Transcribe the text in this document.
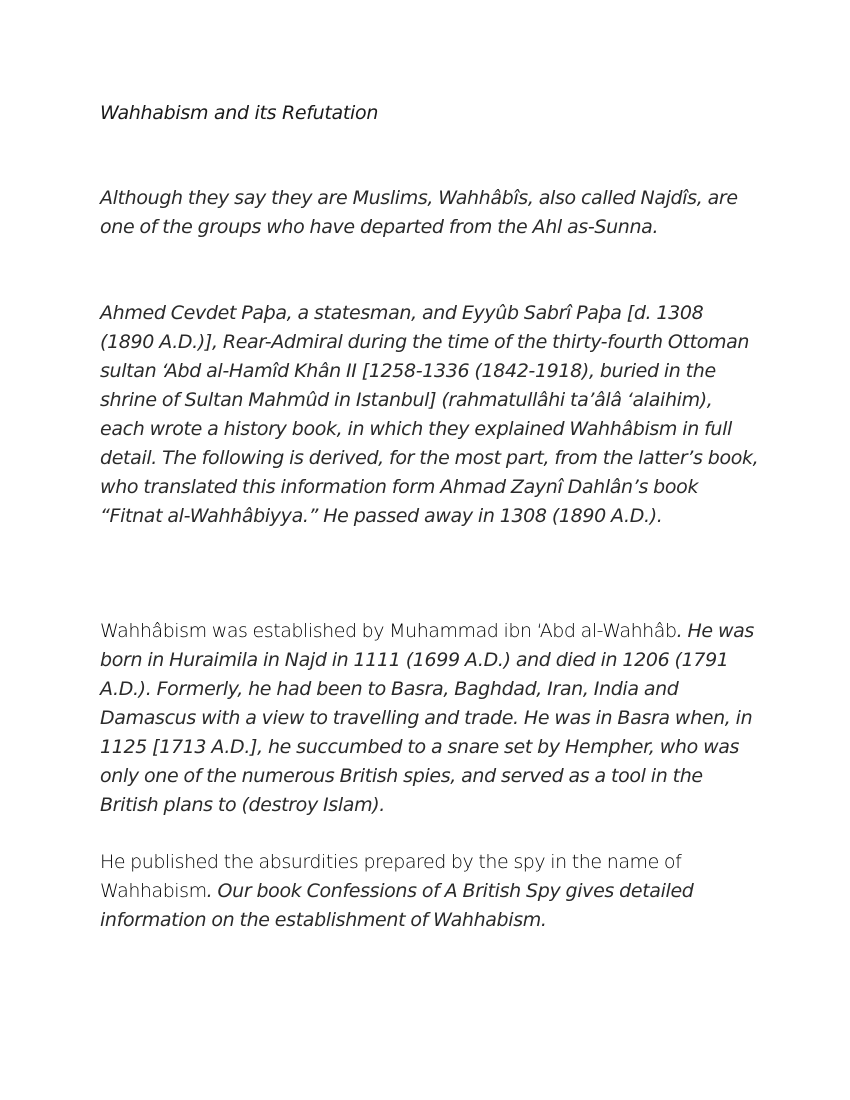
Wahhabism and its Refutation
Although they say they are Muslims, Wahhâbîs, also called Najdîs, are one of the groups who have departed from the Ahl as-Sunna.
Ahmed Cevdet Paþa, a statesman, and Eyyûb Sabrî Paþa [d. 1308 (1890 A.D.)], Rear-Admiral during the time of the thirty-fourth Ottoman sultan ‘Abd al-Hamîd Khân II [1258-1336 (1842-1918), buried in the shrine of Sultan Mahmûd in Istanbul] (rahmatullâhi ta’âlâ ‘alaihim), each wrote a history book, in which they explained Wahhâbism in full detail. The following is derived, for the most part, from the latter’s book, who translated this information form Ahmad Zaynî Dahlân’s book “Fitnat al-Wahhâbiyya.” He passed away in 1308 (1890 A.D.).
Wahhâbism was established by Muhammad ibn ‘Abd al-Wahhâb. He was born in Huraimila in Najd in 1111 (1699 A.D.) and died in 1206 (1791 A.D.). Formerly, he had been to Basra, Baghdad, Iran, India and Damascus with a view to travelling and trade. He was in Basra when, in 1125 [1713 A.D.], he succumbed to a snare set by Hempher, who was only one of the numerous British spies, and served as a tool in the British plans to (destroy Islam).
He published the absurdities prepared by the spy in the name of Wahhabism. Our book Confessions of A British Spy gives detailed information on the establishment of Wahhabism.
